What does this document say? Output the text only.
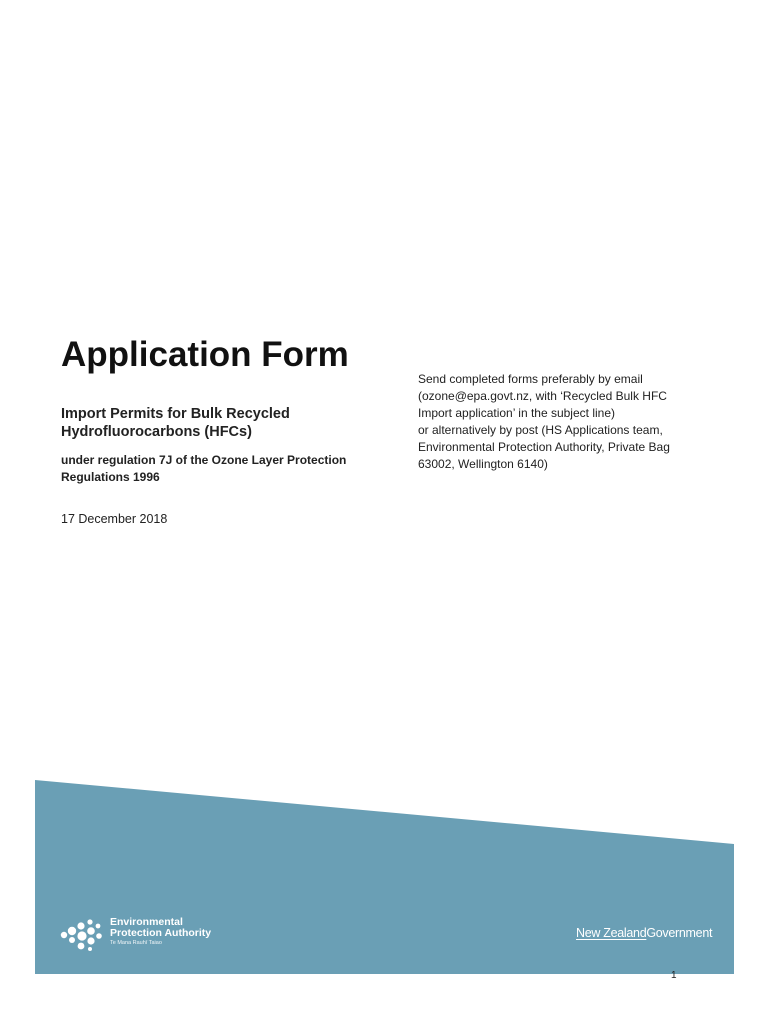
Application Form

Import Permits for Bulk Recycled Hydrofluorocarbons (HFCs)

under regulation 7J of the Ozone Layer Protection Regulations 1996

17 December 2018

Send completed forms preferably by email
(ozone@epa.govt.nz, with ‘Recycled Bulk HFC
Import application’ in the subject line)
or alternatively by post (HS Applications team,
Environmental Protection Authority, Private Bag
63002, Wellington 6140)
Environmental
Protection Authority
Te Mana Rauhī Taiao
New ZealandGovernment
1
